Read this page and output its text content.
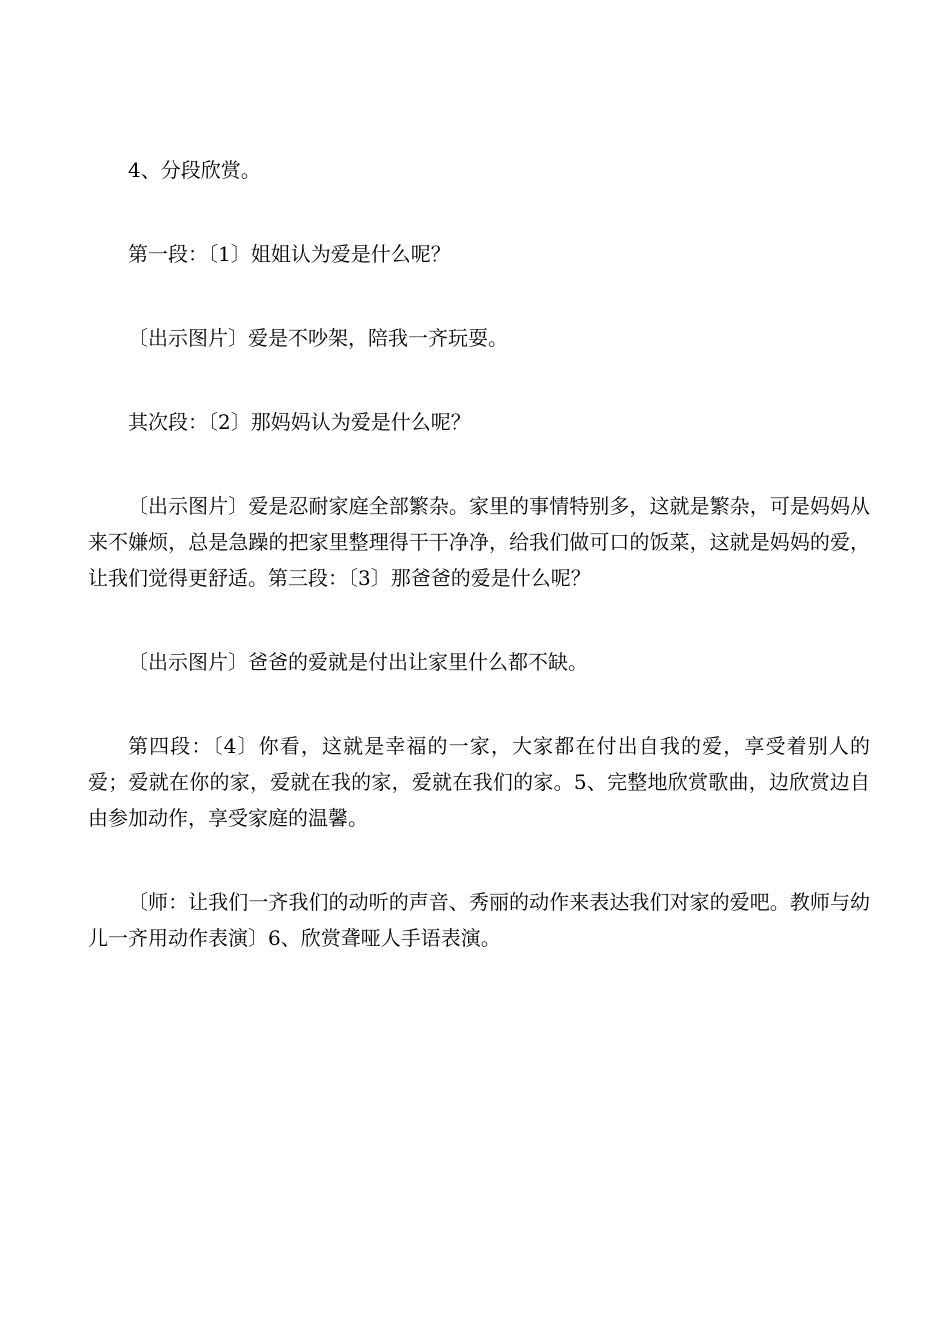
4、分段欣赏。

第一段：〔1〕姐姐认为爱是什么呢？

〔出示图片〕爱是不吵架，陪我一齐玩耍。

其次段：〔2〕那妈妈认为爱是什么呢？

〔出示图片〕爱是忍耐家庭全部繁杂。家里的事情特别多，这就是繁杂，可是妈妈从来不嫌烦，总是急躁的把家里整理得干干净净，给我们做可口的饭菜，这就是妈妈的爱，让我们觉得更舒适。第三段：〔3〕那爸爸的爱是什么呢？

〔出示图片〕爸爸的爱就是付出让家里什么都不缺。

第四段：〔4〕你看，这就是幸福的一家，大家都在付出自我的爱，享受着别人的爱；爱就在你的家，爱就在我的家，爱就在我们的家。5、完整地欣赏歌曲，边欣赏边自由参加动作，享受家庭的温馨。

〔师：让我们一齐我们的动听的声音、秀丽的动作来表达我们对家的爱吧。教师与幼儿一齐用动作表演〕6、欣赏聋哑人手语表演。
